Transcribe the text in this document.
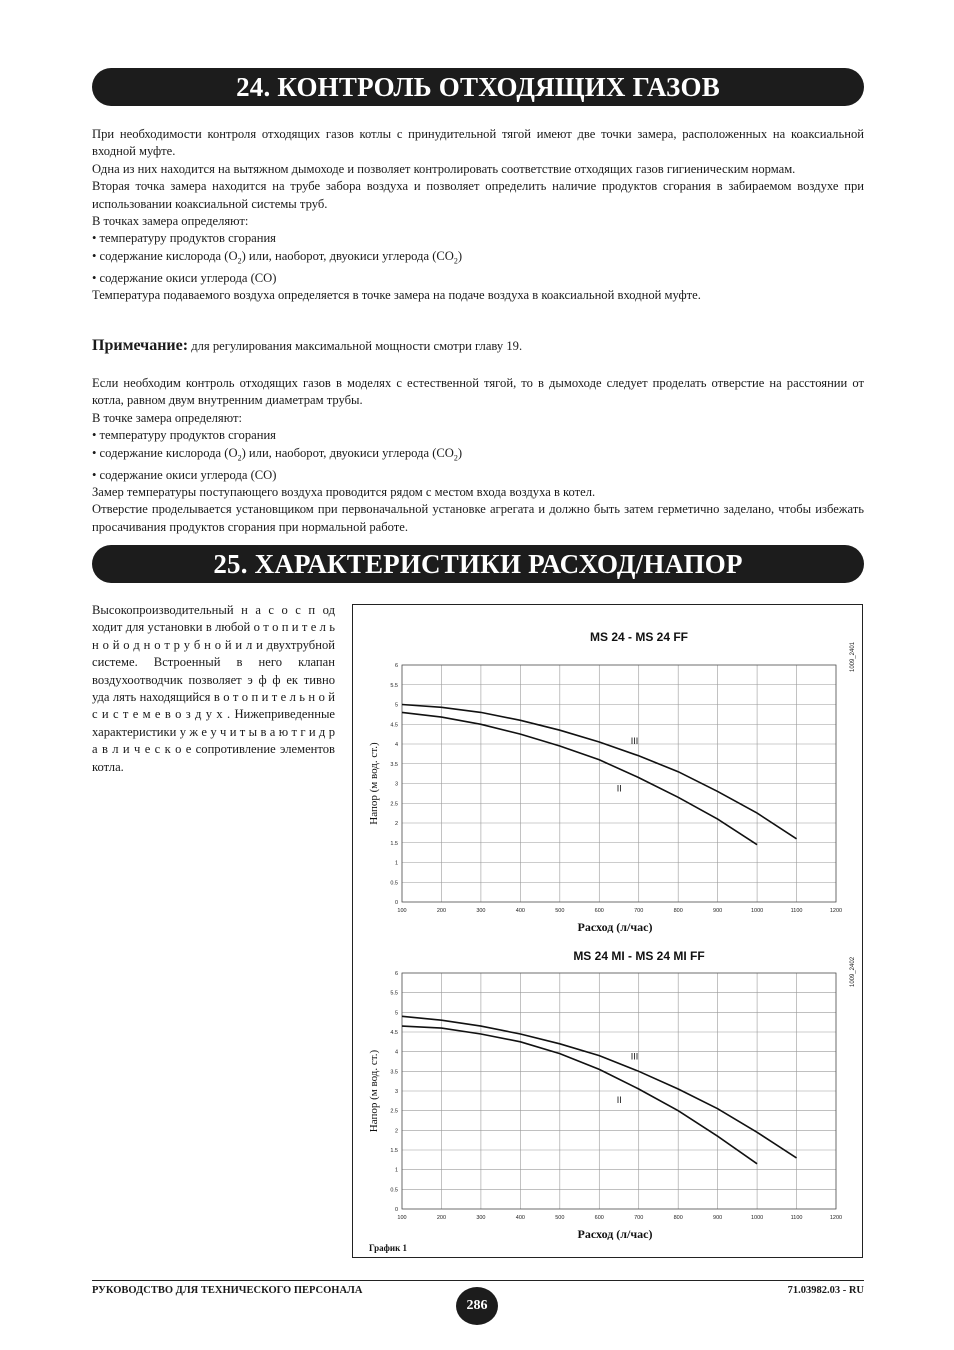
24. КОНТРОЛЬ ОТХОДЯЩИХ ГАЗОВ

При необходимости контроля отходящих газов котлы с принудительной тягой имеют две точки замера, расположенных на коаксиальной входной муфте.

Одна из них находится на вытяжном дымоходе и позволяет контролировать соответствие отходящих газов гигиеническим нормам.

Вторая точка замера находится на трубе забора воздуха и позволяет определить наличие продуктов сгорания в забираемом воздухе при использовании коаксиальной системы труб.

В точках замера определяют:

• температуру продуктов сгорания

• содержание кислорода $(O_2)$ или, наоборот, двуокиси углерода $(CO_2)$

• содержание окиси углерода (CO)

Температура подаваемого воздуха определяется в точке замера на подаче воздуха в коаксиальной входной муфте.

Примечание: для регулирования максимальной мощности смотри главу 19.

Если необходим контроль отходящих газов в моделях с естественной тягой, то в дымоходе следует проделать отверстие на расстоянии от котла, равном двум внутренним диаметрам трубы.

В точке замера определяют:

• температуру продуктов сгорания

• содержание кислорода $(O_2)$ или, наоборот, двуокиси углерода $(CO_2)$

• содержание окиси углерода (CO)

Замер температуры поступающего воздуха проводится рядом с местом входа воздуха в котел.

Отверстие проделывается установщиком при первоначальной установке агрегата и должно быть затем герметично заделано, чтобы избежать просачивания продуктов сгорания при нормальной работе.

25. ХАРАКТЕРИСТИКИ РАСХОД/НАПОР
Высокопроизводительный н а с о с п од ходит для установки в любой о т о п и т е л ь н о й о д н о т р у б н о й и л и двухтрубной системе. Встроенный в него клапан воздухоотводчик позволяет э ф ф ек тивно уда лять находящийся в о т о п и т е л ь н о й с и с т е м е в о з д у х . Нижеприведенные характеристики у ж е у ч и т ы в а ю т г и д р а в л и ч е с к о е сопротивление элементов котла.
100	200	300	400	500	600	700	800	900	1000	1100	1200
0
0.5
1
1.5
2
2.5
3
3.5
4
4.5
5
5.5
6
MS 24 - MS 24 FF
1009_2401
Расход (л/час)
Напор (м вод. ст.)
III
II
100	200	300	400	500	600	700	800	900	1000	1100	1200
0
0.5
1
1.5
2
2.5
3
3.5
4
4.5
5
5.5
6
MS 24 MI - MS 24 MI FF
1009_2402
Расход (л/час)
Напор (м вод. ст.)	III
II
График 1
РУКОВОДСТВО ДЛЯ ТЕХНИЧЕСКОГО ПЕРСОНАЛА
286
71.03982.03 - RU
